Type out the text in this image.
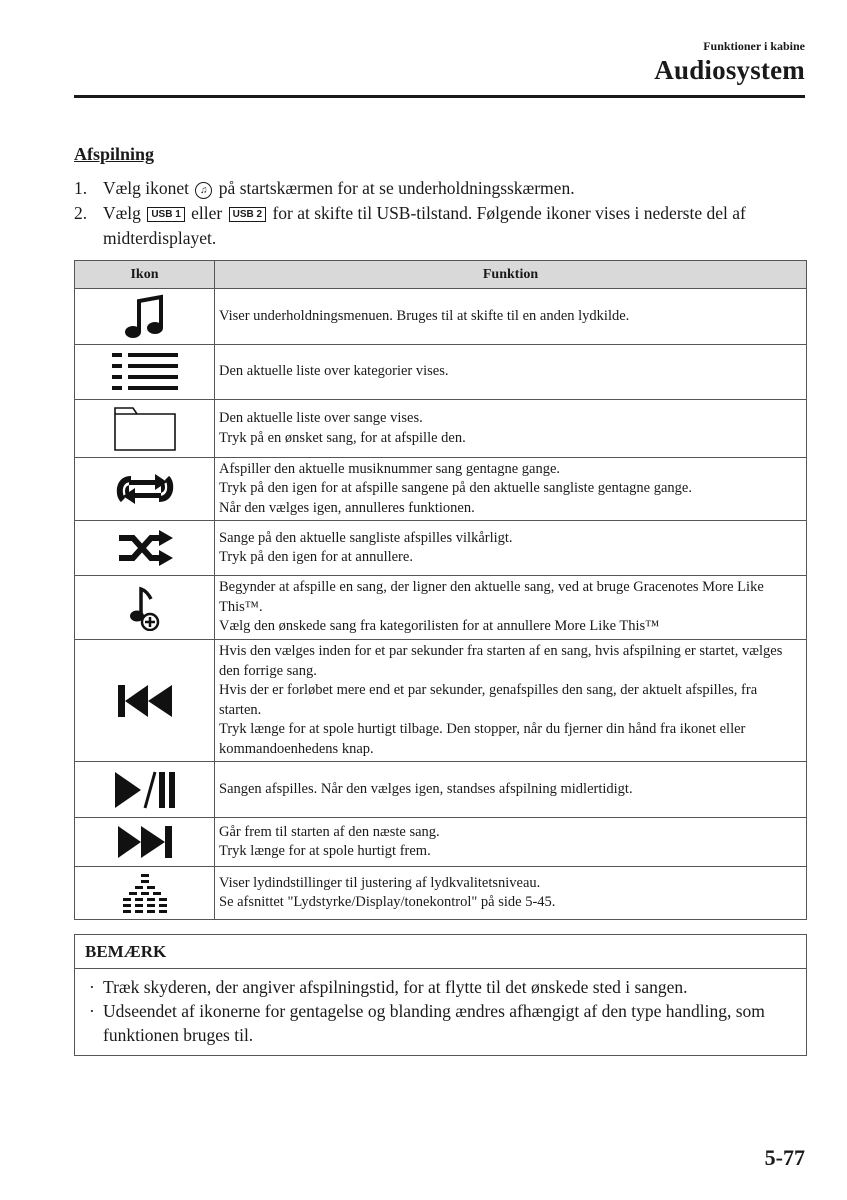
Funktioner i kabine
Audiosystem
Afspilning
1. Vælg ikonet ♫ på startskærmen for at se underholdningsskærmen.
2. Vælg USB 1 eller USB 2 for at skifte til USB-tilstand. Følgende ikoner vises i nederste del af midterdisplayet.
Ikon	Funktion

Viser underholdningsmenuen. Bruges til at skifte til en anden lydkilde.

Den aktuelle liste over kategorier vises.

Den aktuelle liste over sange vises.
Tryk på en ønsket sang, for at afspille den.

Afspiller den aktuelle musiknummer sang gentagne gange.
Tryk på den igen for at afspille sangene på den aktuelle sangliste gentagne gange.
Når den vælges igen, annulleres funktionen.

Sange på den aktuelle sangliste afspilles vilkårligt.
Tryk på den igen for at annullere.

Begynder at afspille en sang, der ligner den aktuelle sang, ved at bruge Gracenotes More Like This™.
Vælg den ønskede sang fra kategorilisten for at annullere More Like This™

Hvis den vælges inden for et par sekunder fra starten af en sang, hvis afspilning er startet, vælges den forrige sang.
Hvis der er forløbet mere end et par sekunder, genafspilles den sang, der aktuelt afspilles, fra starten.
Tryk længe for at spole hurtigt tilbage. Den stopper, når du fjerner din hånd fra ikonet eller kommandoenhedens knap.

Sangen afspilles. Når den vælges igen, standses afspilning midlertidigt.

Går frem til starten af den næste sang.
Tryk længe for at spole hurtigt frem.

Viser lydindstillinger til justering af lydkvalitetsniveau.
Se afsnittet "Lydstyrke/Display/tonekontrol" på side 5-45.
BEMÆRK
· Træk skyderen, der angiver afspilningstid, for at flytte til det ønskede sted i sangen.
· Udseendet af ikonerne for gentagelse og blanding ændres afhængigt af den type handling, som funktionen bruges til.
5-77
